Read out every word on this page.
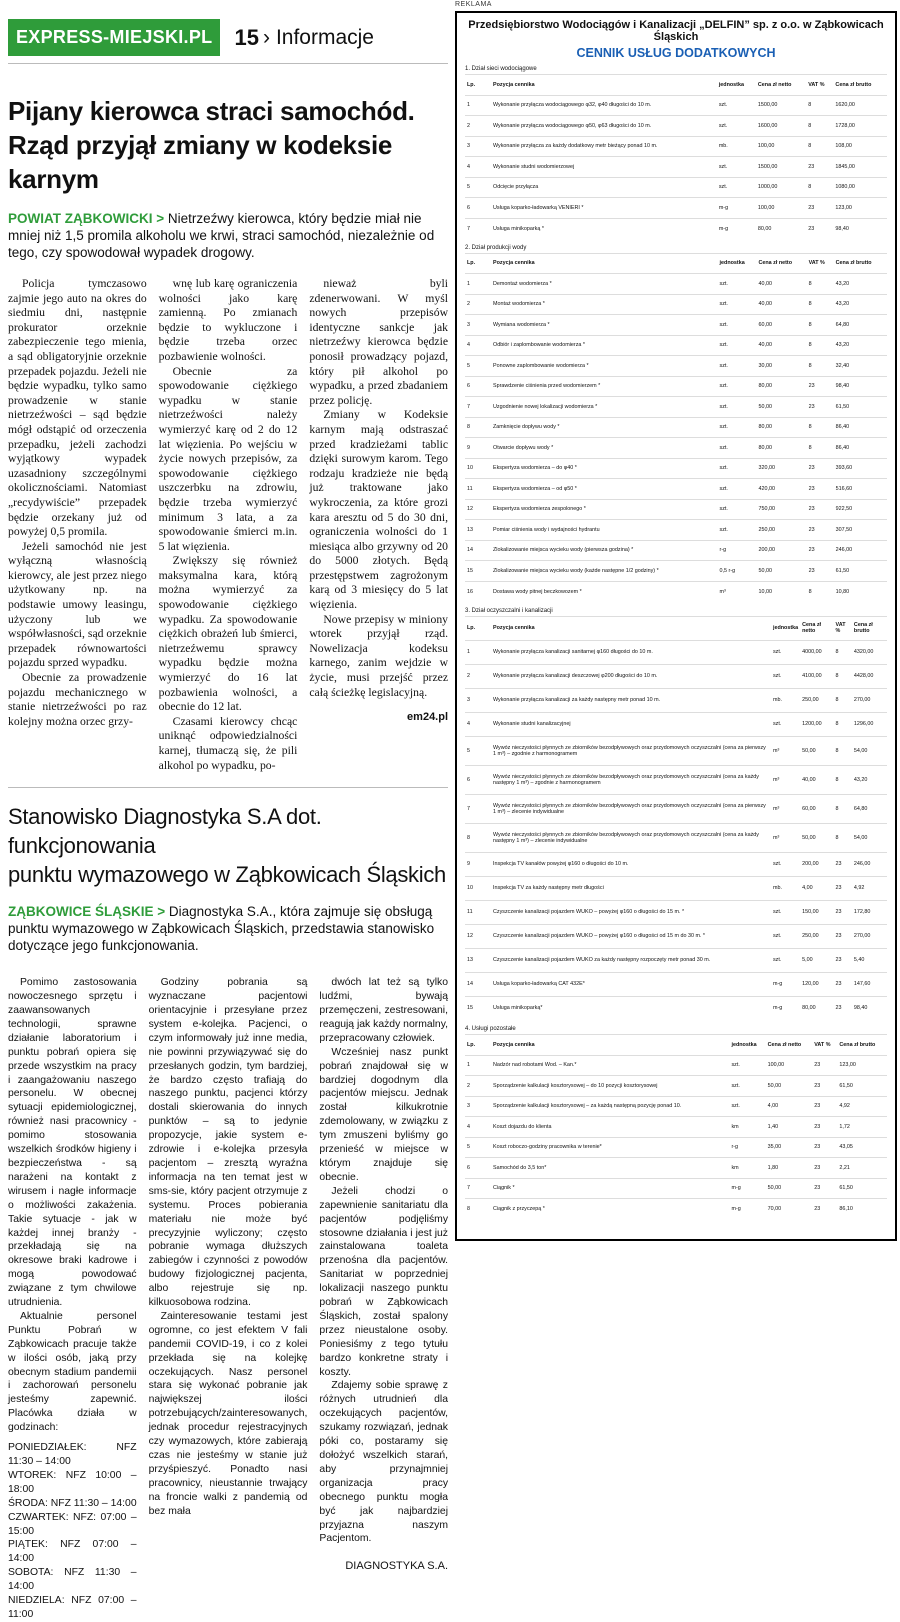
EXPRESS-MIEJSKI.PL	15 › Informacje
Pijany kierowca straci samochód.
Rząd przyjął zmiany w kodeksie karnym
POWIAT ZĄBKOWICKI > Nietrzeźwy kierowca, który będzie miał nie mniej niż 1,5 promila alkoholu we krwi, straci samochód, niezależnie od tego, czy spowodował wypadek drogowy.

Policja tymczasowo zajmie jego auto na okres do siedmiu dni, następnie prokurator orzeknie zabezpieczenie tego mienia, a sąd obligatoryjnie orzeknie przepadek pojazdu. Jeżeli nie będzie wypadku, tylko samo prowadzenie w stanie nietrzeźwości – sąd będzie mógł odstąpić od orzeczenia przepadku, jeżeli zachodzi wyjątkowy wypadek uzasadniony szczególnymi okolicznościami. Natomiast „recydywiście” przepadek będzie orzekany już od powyżej 0,5 promila.

Jeżeli samochód nie jest wyłączną własnością kierowcy, ale jest przez niego użytkowany np. na podstawie umowy leasingu, użyczony lub we współwłasności, sąd orzeknie przepadek równowartości pojazdu sprzed wypadku.

Obecnie za prowadzenie pojazdu mechanicznego w stanie nietrzeźwości po raz kolejny można orzec grzy-

wnę lub karę ograniczenia wolności jako karę zamienną. Po zmianach będzie to wykluczone i będzie trzeba orzec pozbawienie wolności.

Obecnie za spowodowanie ciężkiego wypadku w stanie nietrzeźwości należy wymierzyć karę od 2 do 12 lat więzienia. Po wejściu w życie nowych przepisów, za spowodowanie ciężkiego uszczerbku na zdrowiu, będzie trzeba wymierzyć minimum 3 lata, a za spowodowanie śmierci m.in. 5 lat więzienia.

Zwiększy się również maksymalna kara, którą można wymierzyć za spowodowanie ciężkiego wypadku. Za spowodowanie ciężkich obrażeń lub śmierci, nietrzeźwemu sprawcy wypadku będzie można wymierzyć do 16 lat pozbawienia wolności, a obecnie do 12 lat.

Czasami kierowcy chcąc uniknąć odpowiedzialności karnej, tłumaczą się, że pili alkohol po wypadku, po-

nieważ byli zdenerwowani. W myśl nowych przepisów identyczne sankcje jak nietrzeźwy kierowca będzie ponosił prowadzący pojazd, który pił alkohol po wypadku, a przed zbadaniem przez policję.

Zmiany w Kodeksie karnym mają odstraszać przed kradzieżami tablic dzięki surowym karom. Tego rodzaju kradzieże nie będą już traktowane jako wykroczenia, za które grozi kara aresztu od 5 do 30 dni, ograniczenia wolności do 1 miesiąca albo grzywny od 20 do 5000 złotych. Będą przestępstwem zagrożonym karą od 3 miesięcy do 5 lat więzienia.

Nowe przepisy w miniony wtorek przyjął rząd. Nowelizacja kodeksu karnego, zanim wejdzie w życie, musi przejść przez całą ścieżkę legislacyjną.

em24.pl
Stanowisko Diagnostyka S.A dot. funkcjonowania
punktu wymazowego w Ząbkowicach Śląskich
ZĄBKOWICE ŚLĄSKIE > Diagnostyka S.A., która zajmuje się obsługą punktu wymazowego w Ząbkowicach Śląskich, przedstawia stanowisko dotyczące jego funkcjonowania.

Pomimo zastosowania nowoczesnego sprzętu i zaawansowanych technologii, sprawne działanie laboratorium i punktu pobrań opiera się przede wszystkim na pracy i zaangażowaniu naszego personelu. W obecnej sytuacji epidemiologicznej, również nasi pracownicy - pomimo stosowania wszelkich środków higieny i bezpieczeństwa - są narażeni na kontakt z wirusem i nagłe informacje o możliwości zakażenia. Takie sytuacje - jak w każdej innej branży - przekładają się na okresowe braki kadrowe i mogą powodować związane z tym chwilowe utrudnienia.

Aktualnie personel Punktu Pobrań w Ząbkowicach pracuje także w ilości osób, jaką przy obecnym stadium pandemii i zachorowań personelu jesteśmy zapewnić. Placówka działa w godzinach:

PONIEDZIAŁEK: NFZ 11:30 – 14:00
WTOREK: NFZ 10:00 – 18:00
ŚRODA: NFZ 11:30 – 14:00
CZWARTEK: NFZ: 07:00 – 15:00
PIĄTEK: NFZ 07:00 – 14:00
SOBOTA: NFZ 11:30 – 14:00
NIEDZIELA: NFZ 07:00 – 11:00

Godziny pobrania są wyznaczane pacjentowi orientacyjnie i przesyłane przez system e-kolejka. Pacjenci, o czym informowały już inne media, nie powinni przywiązywać się do przesłanych godzin, tym bardziej, że bardzo często trafiają do naszego punktu, pacjenci którzy dostali skierowania do innych punktów – są to jedynie propozycje, jakie system e-zdrowie i e-kolejka przesyła pacjentom – zresztą wyraźna informacja na ten temat jest w sms-sie, który pacjent otrzymuje z systemu. Proces pobierania materiału nie może być precyzyjnie wyliczony; często pobranie wymaga dłuższych zabiegów i czynności z powodów budowy fizjologicznej pacjenta, albo rejestruje się np. kilkuosobowa rodzina.

Zainteresowanie testami jest ogromne, co jest efektem V fali pandemii COVID-19, i co z kolei przekłada się na kolejkę oczekujących. Nasz personel stara się wykonać pobranie jak największej ilości potrzebujących/zainteresowanych, jednak procedur rejestracyjnych czy wymazowych, które zabierają czas nie jesteśmy w stanie już przyśpieszyć. Ponadto nasi pracownicy, nieustannie trwający na froncie walki z pandemią od bez mała

dwóch lat też są tylko ludźmi, bywają przemęczeni, zestresowani, reagują jak każdy normalny, przepracowany człowiek.

Wcześniej nasz punkt pobrań znajdował się w bardziej dogodnym dla pacjentów miejscu. Jednak został kilkukrotnie zdemolowany, w związku z tym zmuszeni byliśmy go przenieść w miejsce w którym znajduje się obecnie.

Jeżeli chodzi o zapewnienie sanitariatu dla pacjentów podjęliśmy stosowne działania i jest już zainstalowana toaleta przenośna dla pacjentów. Sanitariat w poprzedniej lokalizacji naszego punktu pobrań w Ząbkowicach Śląskich, został spalony przez nieustalone osoby. Poniesiśmy z tego tytułu bardzo konkretne straty i koszty.

Zdajemy sobie sprawę z różnych utrudnień dla oczekujących pacjentów, szukamy rozwiązań, jednak póki co, postaramy się dołożyć wszelkich starań, aby przynajmniej organizacja pracy obecnego punktu mogła być jak najbardziej przyjazna naszym Pacjentom.

DIAGNOSTYKA S.A.
REKLAMA
Przedsiębiorstwo Wodociągów i Kanalizacji „DELFIN” sp. z o.o. w Ząbkowicach Śląskich
CENNIK USŁUG DODATKOWYCH
1. Dział sieci wodociągowe
Lp.	Pozycja cennika	jednostka	Cena zł netto	VAT %	Cena zł brutto
1	Wykonanie przyłącza wodociągowego φ32, φ40 długości do 10 m.	szt.	1500,00	8	1620,00
2	Wykonanie przyłącza wodociągowego φ50, φ63 długości do 10 m.	szt.	1600,00	8	1728,00
3	Wykonanie przyłącza za każdy dodatkowy metr bieżący ponad 10 m.	mb.	100,00	8	108,00
4	Wykonanie studni wodomierzowej	szt.	1500,00	23	1845,00
5	Odcięcie przyłącza	szt.	1000,00	8	1080,00
6	Usługa koparko-ładowarką VENIERI *	m-g	100,00	23	123,00
7	Usługa minikoparką *	m-g	80,00	23	98,40
2. Dział produkcji wody
Lp.	Pozycja cennika	jednostka	Cena zł netto	VAT %	Cena zł brutto
1	Demontaż wodomierza *	szt.	40,00	8	43,20
2	Montaż wodomierza *	szt.	40,00	8	43,20
3	Wymiana wodomierza *	szt.	60,00	8	64,80
4	Odbiór i zaplombowanie wodomierza *	szt.	40,00	8	43,20
5	Ponowne zaplombowanie wodomierza *	szt.	30,00	8	32,40
6	Sprawdzenie ciśnienia przed wodomierzem *	szt.	80,00	23	98,40
7	Uzgodnienie nowej lokalizacji wodomierza *	szt.	50,00	23	61,50
8	Zamknięcie dopływu wody *	szt.	80,00	8	86,40
9	Otwarcie dopływu wody *	szt.	80,00	8	86,40
10	Ekspertyza wodomierza – do φ40 *	szt.	320,00	23	393,60
11	Ekspertyza wodomierza – od φ50 *	szt.	420,00	23	516,60
12	Ekspertyza wodomierza zespolonego *	szt.	750,00	23	922,50
13	Pomiar ciśnienia wody i wydajności hydrantu	szt.	250,00	23	307,50
14	Zlokalizowanie miejsca wycieku wody (pierwsza godzina) *	r-g	200,00	23	246,00
15	Zlokalizowanie miejsca wycieku wody (każde następne 1/2 godziny) *	0,5 r-g	50,00	23	61,50
16	Dostawa wody pitnej beczkowozem *	m³	10,00	8	10,80
3. Dział oczyszczalni i kanalizacji
Lp.	Pozycja cennika	jednostka	Cena zł netto	VAT %	Cena zł brutto
1	Wykonanie przyłącza kanalizacji sanitarnej φ160 długości do 10 m.	szt.	4000,00	8	4320,00
2	Wykonanie przyłącza kanalizacji deszczowej φ200 długości do 10 m.	szt.	4100,00	8	4428,00
3	Wykonanie przyłącza kanalizacji za każdy następny metr ponad 10 m.	mb.	250,00	8	270,00
4	Wykonanie studni kanalizacyjnej	szt.	1200,00	8	1296,00
5	Wywóz nieczystości płynnych ze zbiorników bezodpływowych oraz przydomowych oczyszczalni (cena za pierwszy 1 m³) – zgodnie z harmonogramem	m³	50,00	8	54,00
6	Wywóz nieczystości płynnych ze zbiorników bezodpływowych oraz przydomowych oczyszczalni (cena za każdy następny 1 m³) – zgodnie z harmonogramem	m³	40,00	8	43,20
7	Wywóz nieczystości płynnych ze zbiorników bezodpływowych oraz przydomowych oczyszczalni (cena za pierwszy 1 m³) – zlecenie indywidualne	m³	60,00	8	64,80
8	Wywóz nieczystości płynnych ze zbiorników bezodpływowych oraz przydomowych oczyszczalni (cena za każdy następny 1 m³) – zlecenie indywidualne	m³	50,00	8	54,00
9	Inspekcja TV kanałów powyżej φ160 o długości do 10 m.	szt.	200,00	23	246,00
10	Inspekcja TV za każdy następny metr długości	mb.	4,00	23	4,92
11	Czyszczenie kanalizacji pojazdem WUKO – powyżej φ160 o długości do 15 m. *	szt.	150,00	23	172,80
12	Czyszczenie kanalizacji pojazdem WUKO – powyżej φ160 o długości od 15 m do 30 m. *	szt.	250,00	23	270,00
13	Czyszczenie kanalizacji pojazdem WUKO za każdy następny rozpoczęty metr ponad 30 m.	szt.	5,00	23	5,40
14	Usługa koparko-ładowarką CAT 432E*	m-g	120,00	23	147,60
15	Usługa minikoparką*	m-g	80,00	23	98,40
4. Usługi pozostałe
Lp.	Pozycja cennika	jednostka	Cena zł netto	VAT %	Cena zł brutto
1	Nadzór nad robotami Wod. – Kan.*	szt.	100,00	23	123,00
2	Sporządzenie kalkulacji kosztorysowej – do 10 pozycji kosztorysowej	szt.	50,00	23	61,50
3	Sporządzenie kalkulacji kosztorysowej – za każdą następną pozycję ponad 10.	szt.	4,00	23	4,92
4	Koszt dojazdu do klienta	km	1,40	23	1,72
5	Koszt roboczo-godziny pracownika w terenie*	r-g	35,00	23	43,05
6	Samochód do 3,5 ton*	km	1,80	23	2,21
7	Ciągnik *	m-g	50,00	23	61,50
8	Ciągnik z przyczepą *	m-g	70,00	23	86,10
